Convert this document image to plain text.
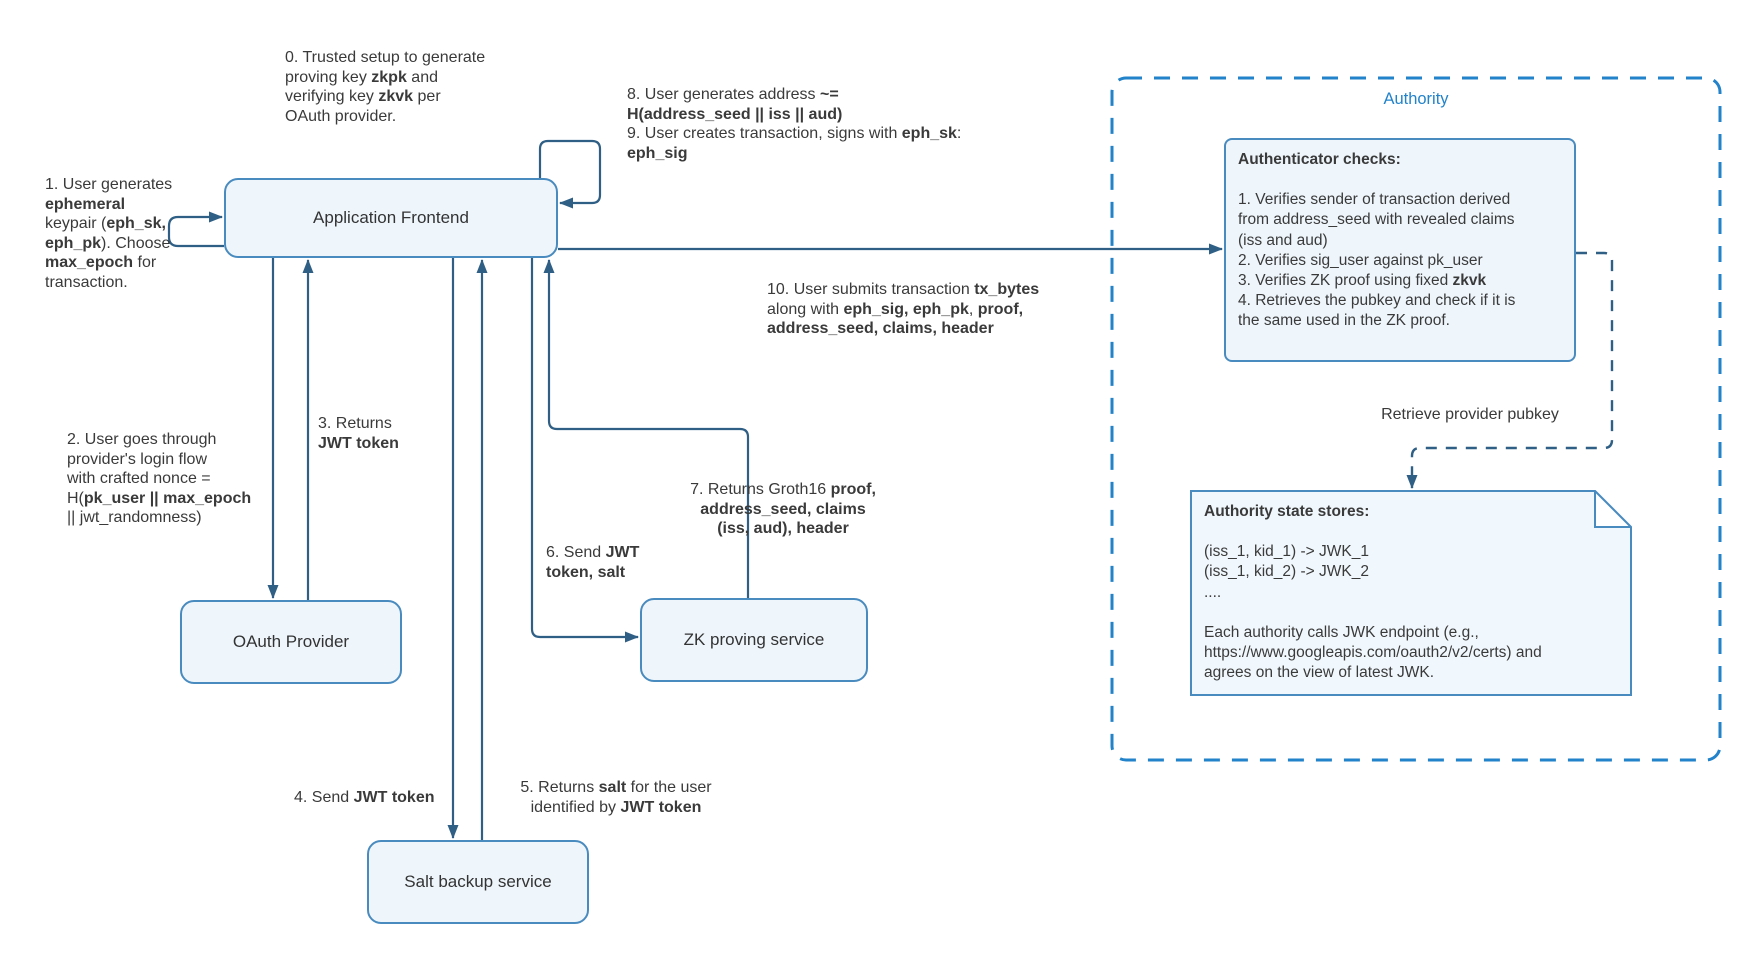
Application Frontend
OAuth Provider	ZK proving service
Salt backup service
Authenticator checks:

1. Verifies sender of transaction derived
from address_seed with revealed claims
(iss and aud)
2. Verifies sig_user against pk_user
3. Verifies ZK proof using fixed zkvk
4. Retrieves the pubkey and check if it is
the same used in the ZK proof.
Authority state stores:

(iss_1, kid_1) -> JWK_1
(iss_1, kid_2) -> JWK_2
....

Each authority calls JWK endpoint (e.g.,
https://www.googleapis.com/oauth2/v2/certs) and
agrees on the view of latest JWK.
0. Trusted setup to generate
proving key zkpk and
verifying key zkvk per
OAuth provider.
1. User generates
ephemeral
keypair (eph_sk,
eph_pk). Choose
max_epoch for
transaction.
2. User goes through
provider's login flow
with crafted nonce =
H(pk_user || max_epoch
|| jwt_randomness)
3. Returns
JWT token
4. Send JWT token
5. Returns salt for the user
identified by JWT token
6. Send JWT
token, salt
7. Returns Groth16 proof,
address_seed, claims
(iss, aud), header
8. User generates address ~=
H(address_seed || iss || aud)
9. User creates transaction, signs with eph_sk:
eph_sig
10. User submits transaction tx_bytes
along with eph_sig, eph_pk, proof,
address_seed, claims, header
Authority
Retrieve provider pubkey
